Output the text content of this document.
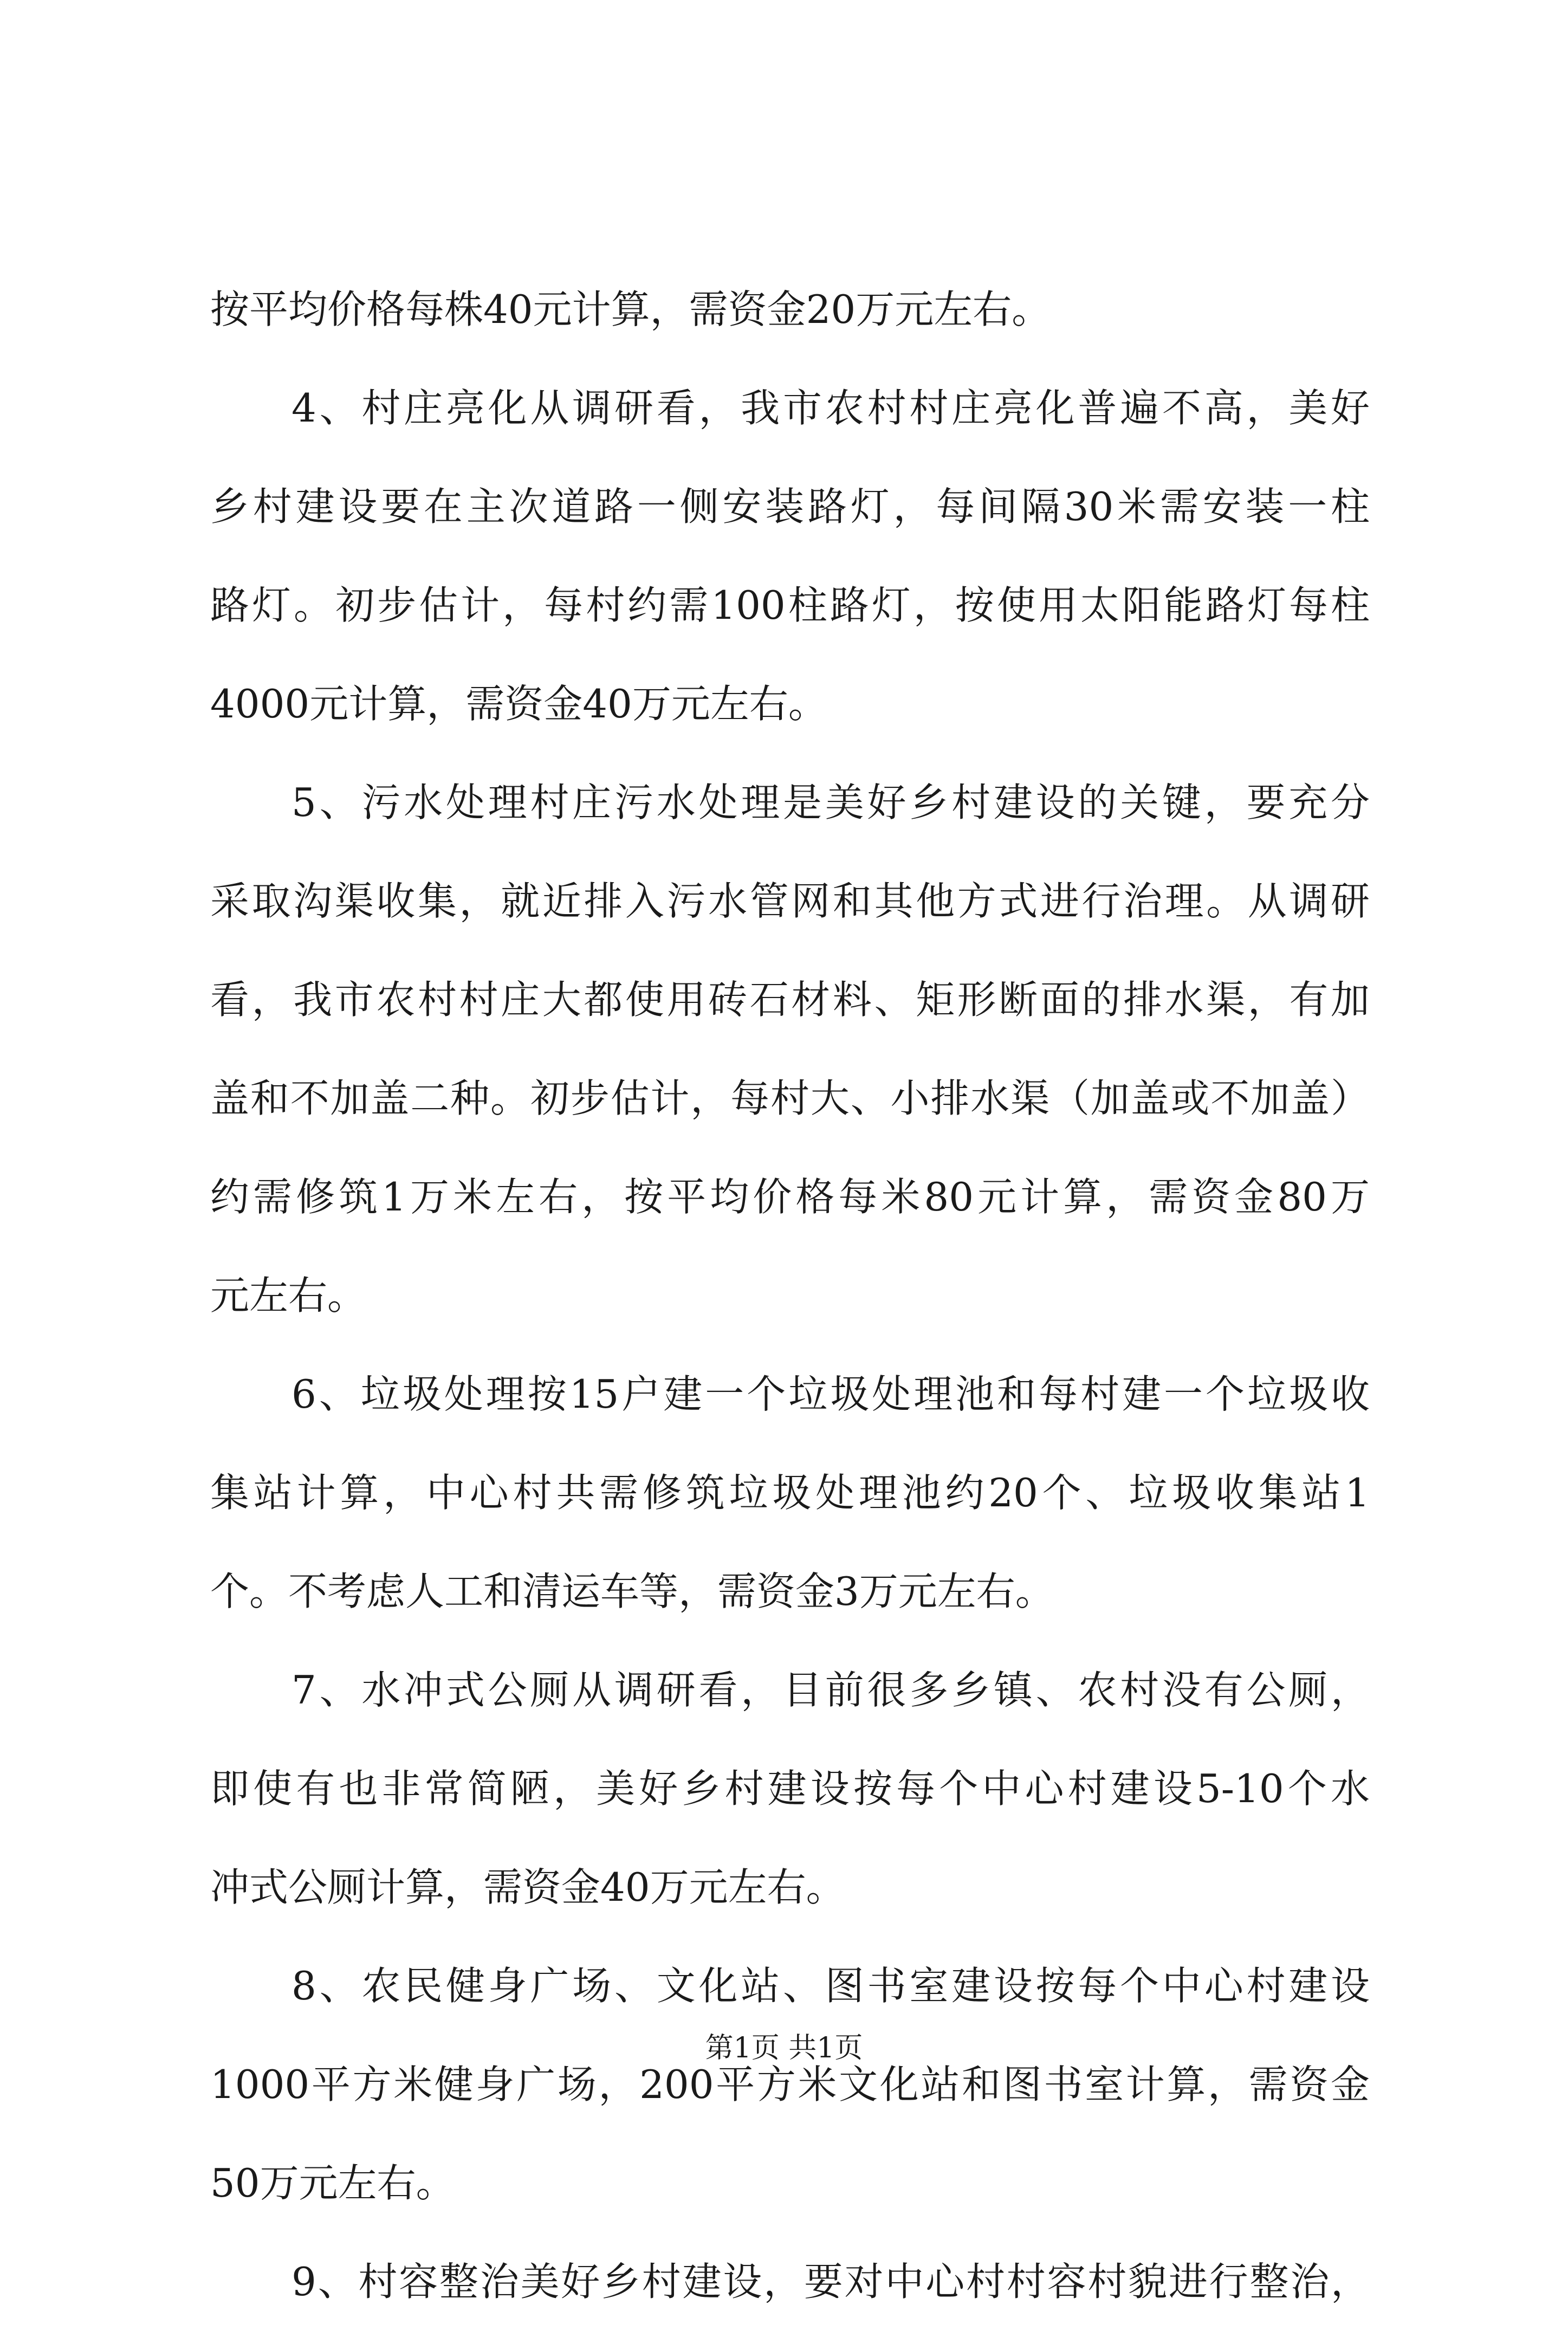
按平均价格每株40元计算，需资金20万元左右。
4、村庄亮化从调研看，我市农村村庄亮化普遍不高，美好
乡村建设要在主次道路一侧安装路灯，每间隔30米需安装一柱
路灯。初步估计，每村约需100柱路灯，按使用太阳能路灯每柱
4000元计算，需资金40万元左右。
5、污水处理村庄污水处理是美好乡村建设的关键，要充分
采取沟渠收集，就近排入污水管网和其他方式进行治理。从调研
看，我市农村村庄大都使用砖石材料、矩形断面的排水渠，有加
盖和不加盖二种。初步估计，每村大、小排水渠（加盖或不加盖）
约需修筑1万米左右，按平均价格每米80元计算，需资金80万
元左右。
6、垃圾处理按15户建一个垃圾处理池和每村建一个垃圾收
集站计算，中心村共需修筑垃圾处理池约20个、垃圾收集站1
个。不考虑人工和清运车等，需资金3万元左右。
7、水冲式公厕从调研看，目前很多乡镇、农村没有公厕，
即使有也非常简陋，美好乡村建设按每个中心村建设5-10个水
冲式公厕计算，需资金40万元左右。
8、农民健身广场、文化站、图书室建设按每个中心村建设
1000平方米健身广场，200平方米文化站和图书室计算，需资金
50万元左右。
9、村容整治美好乡村建设，要对中心村村容村貌进行整治，
第1页 共1页
